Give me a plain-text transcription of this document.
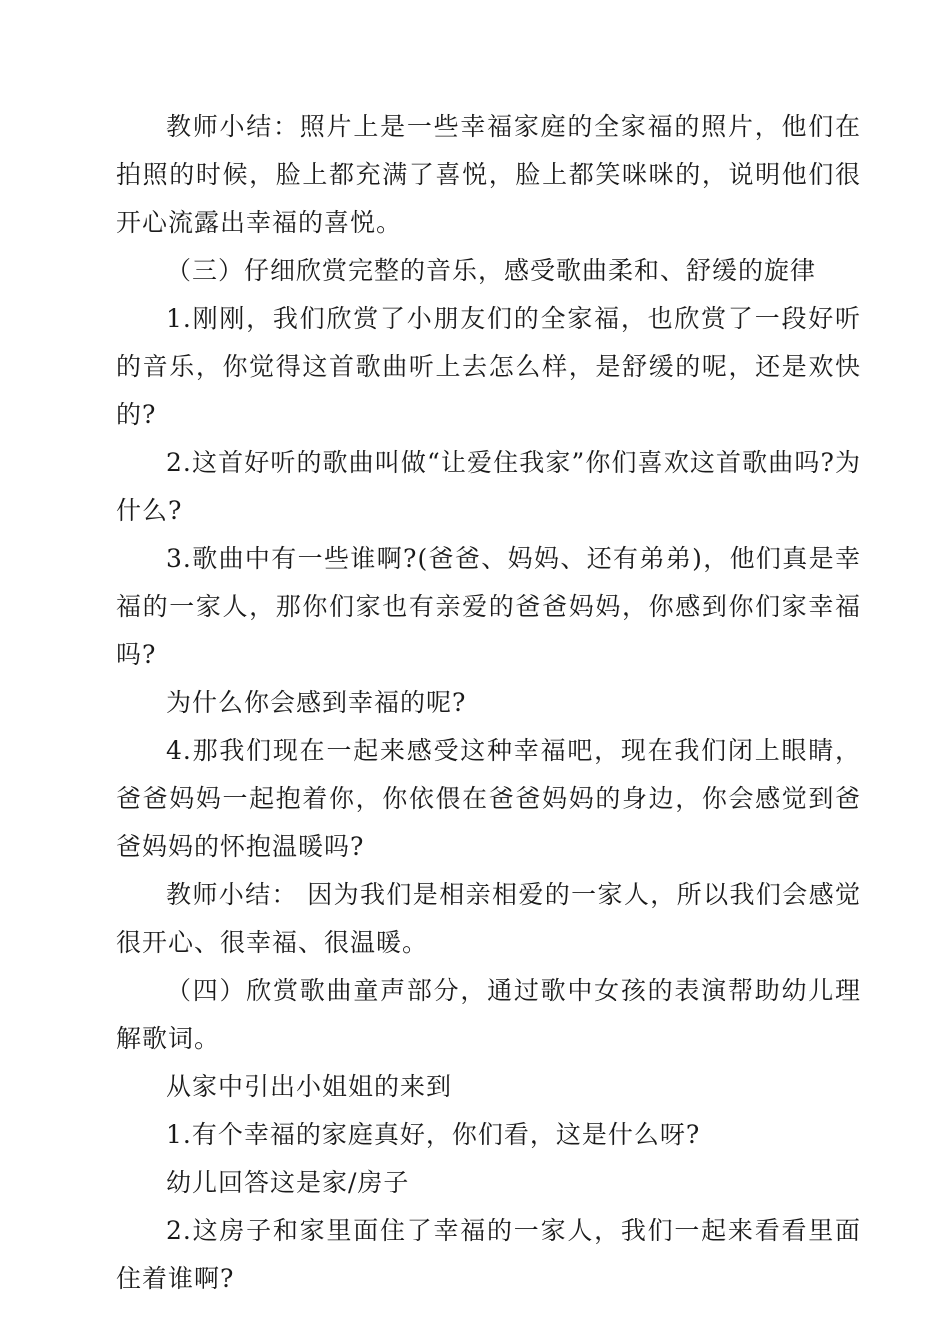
教师小结：照片上是一些幸福家庭的全家福的照片，他们在拍照的时候，脸上都充满了喜悦，脸上都笑咪咪的，说明他们很开心流露出幸福的喜悦。

（三）仔细欣赏完整的音乐，感受歌曲柔和、舒缓的旋律

1.刚刚，我们欣赏了小朋友们的全家福，也欣赏了一段好听的音乐，你觉得这首歌曲听上去怎么样，是舒缓的呢，还是欢快的?

2.这首好听的歌曲叫做“让爱住我家”你们喜欢这首歌曲吗?为什么?

3.歌曲中有一些谁啊?(爸爸、妈妈、还有弟弟)，他们真是幸福的一家人，那你们家也有亲爱的爸爸妈妈，你感到你们家幸福吗?

为什么你会感到幸福的呢?

4.那我们现在一起来感受这种幸福吧，现在我们闭上眼睛，爸爸妈妈一起抱着你，你依偎在爸爸妈妈的身边，你会感觉到爸爸妈妈的怀抱温暖吗?

教师小结： 因为我们是相亲相爱的一家人，所以我们会感觉很开心、很幸福、很温暖。

（四）欣赏歌曲童声部分，通过歌中女孩的表演帮助幼儿理解歌词。

从家中引出小姐姐的来到

1.有个幸福的家庭真好，你们看，这是什么呀?

幼儿回答这是家/房子

2.这房子和家里面住了幸福的一家人，我们一起来看看里面住着谁啊?
